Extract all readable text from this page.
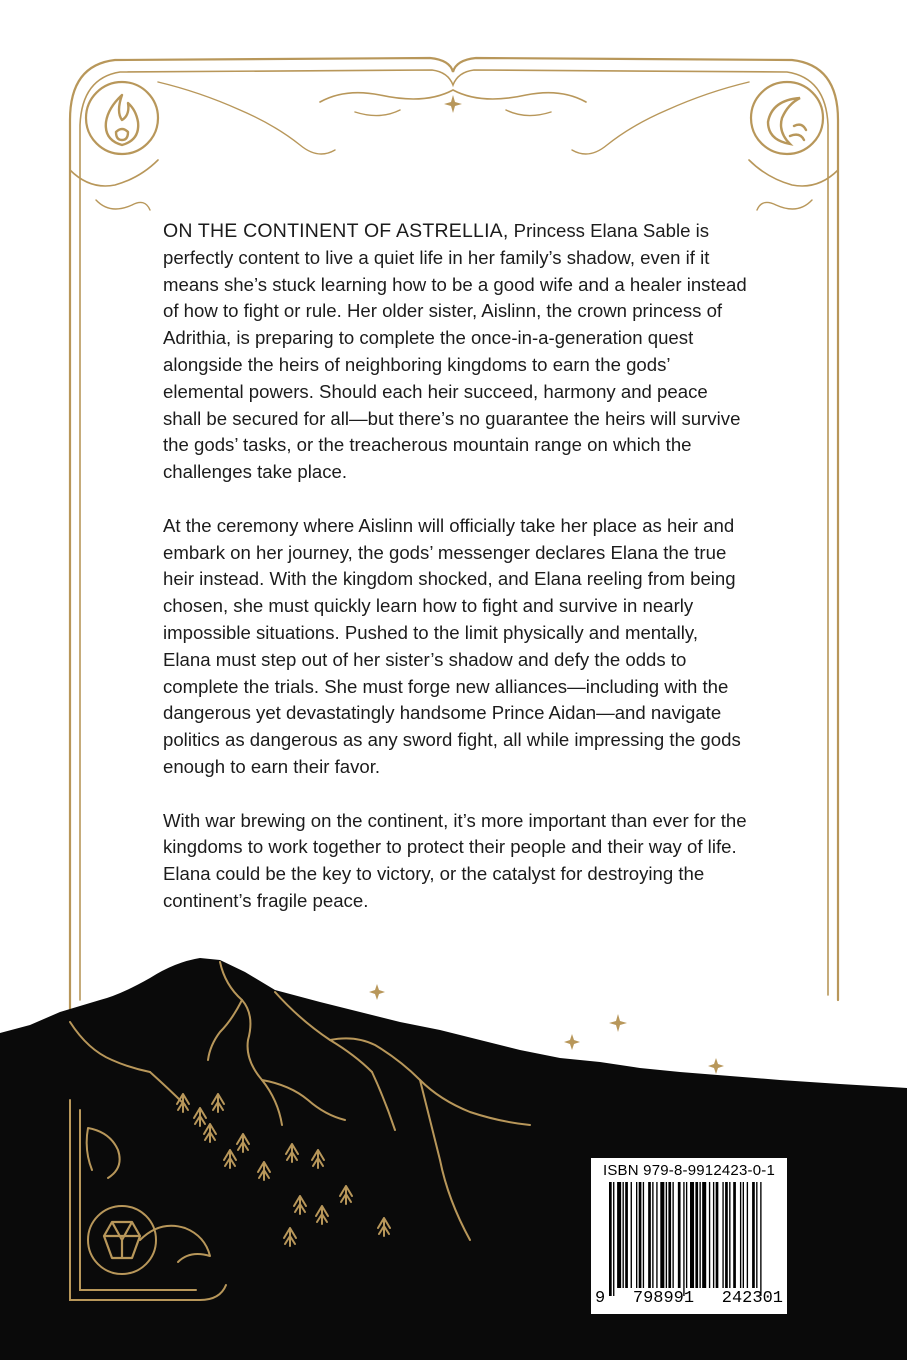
ON THE CONTINENT OF ASTRELLIA, Princess Elana Sable is perfectly content to live a quiet life in her family’s shadow, even if it means she’s stuck learning how to be a good wife and a healer instead of how to fight or rule. Her older sister, Aislinn, the crown princess of Adrithia, is preparing to complete the once-in-a-generation quest alongside the heirs of neighboring kingdoms to earn the gods’ elemental powers. Should each heir succeed, harmony and peace shall be secured for all—but there’s no guarantee the heirs will survive the gods’ tasks, or the treacherous mountain range on which the challenges take place.

At the ceremony where Aislinn will officially take her place as heir and embark on her journey, the gods’ messenger declares Elana the true heir instead. With the kingdom shocked, and Elana reeling from being chosen, she must quickly learn how to fight and survive in nearly impossible situations. Pushed to the limit physically and mentally, Elana must step out of her sister’s shadow and defy the odds to complete the trials. She must forge new alliances—including with the dangerous yet devastatingly handsome Prince Aidan—and navigate politics as dangerous as any sword fight, all while impressing the gods enough to earn their favor.

With war brewing on the continent, it’s more important than ever for the kingdoms to work together to protect their people and their way of life. Elana could be the key to victory, or the catalyst for destroying the continent’s fragile peace.

ISBN 979-8-9912423-0-1
9 798991 242301
